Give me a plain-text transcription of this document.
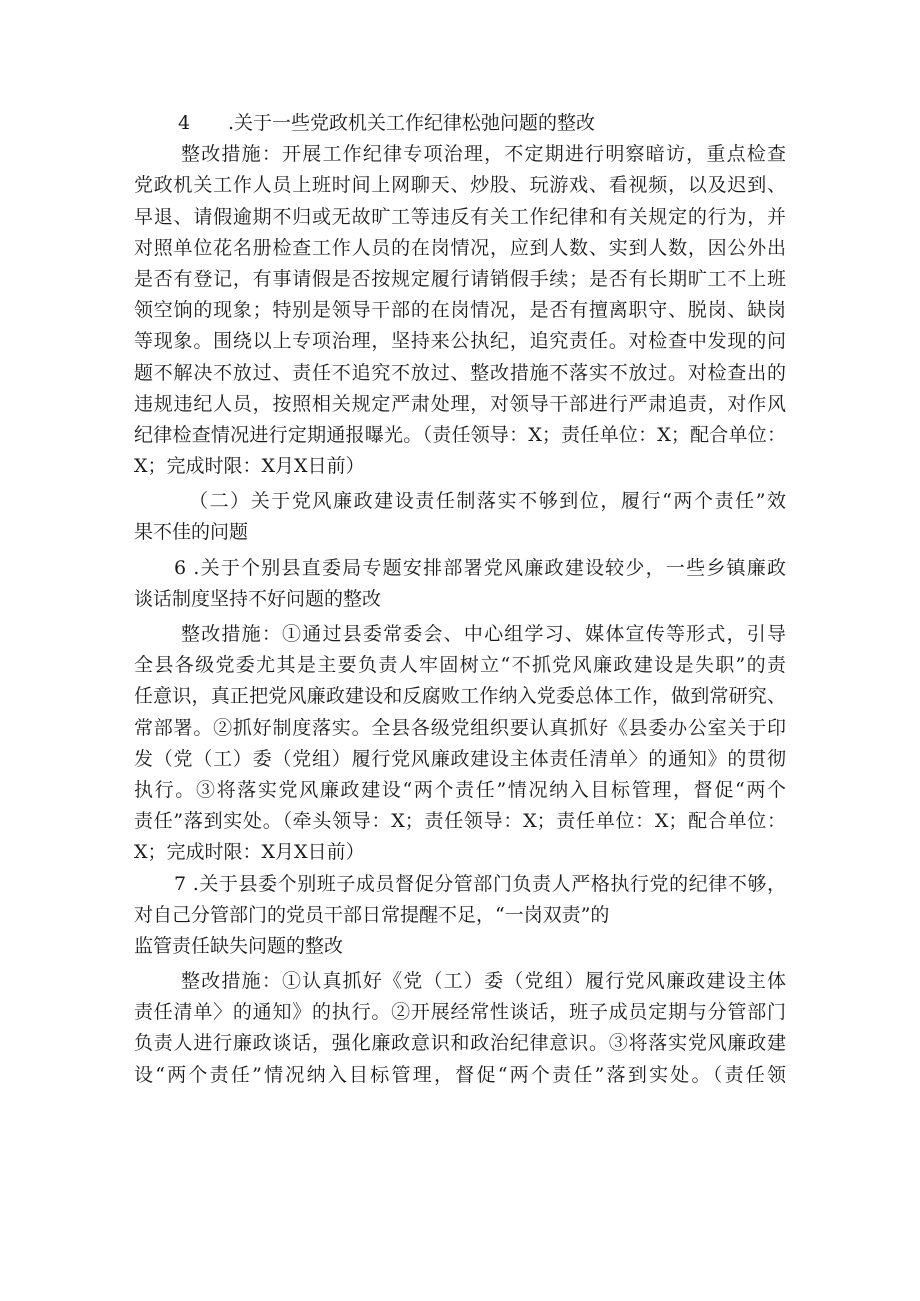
4 .关于一些党政机关工作纪律松弛问题的整改
整改措施：开展工作纪律专项治理，不定期进行明察暗访，重点检查
党政机关工作人员上班时间上网聊天、炒股、玩游戏、看视频，以及迟到、
早退、请假逾期不归或无故旷工等违反有关工作纪律和有关规定的行为，并
对照单位花名册检查工作人员的在岗情况，应到人数、实到人数，因公外出
是否有登记，有事请假是否按规定履行请销假手续；是否有长期旷工不上班
领空饷的现象；特别是领导干部的在岗情况，是否有擅离职守、脱岗、缺岗
等现象。围绕以上专项治理，坚持来公执纪，追究责任。对检查中发现的问
题不解决不放过、责任不追究不放过、整改措施不落实不放过。对检查出的
违规违纪人员，按照相关规定严肃处理，对领导干部进行严肃追责，对作风
纪律检查情况进行定期通报曝光。（责任领导：X；责任单位：X；配合单位：
X；完成时限：X月X日前）
（二）关于党风廉政建设责任制落实不够到位，履行“两个责任”效
果不佳的问题
6 .关于个别县直委局专题安排部署党风廉政建设较少，一些乡镇廉政
谈话制度坚持不好问题的整改
整改措施：①通过县委常委会、中心组学习、媒体宣传等形式，引导
全县各级党委尤其是主要负责人牢固树立“不抓党风廉政建设是失职”的责
任意识，真正把党风廉政建设和反腐败工作纳入党委总体工作，做到常研究、
常部署。②抓好制度落实。全县各级党组织要认真抓好《县委办公室关于印
发（党（工）委（党组）履行党风廉政建设主体责任清单〉的通知》的贯彻
执行。③将落实党风廉政建设“两个责任”情况纳入目标管理，督促“两个
责任”落到实处。（牵头领导：X；责任领导：X；责任单位：X；配合单位：
X；完成时限：X月X日前）
7 .关于县委个别班子成员督促分管部门负责人严格执行党的纪律不够，
对自己分管部门的党员干部日常提醒不足，“一岗双责”的
监管责任缺失问题的整改
整改措施：①认真抓好《党（工）委（党组）履行党风廉政建设主体
责任清单〉的通知》的执行。②开展经常性谈话，班子成员定期与分管部门
负责人进行廉政谈话，强化廉政意识和政治纪律意识。③将落实党风廉政建
设“两个责任”情况纳入目标管理，督促“两个责任”落到实处。（责任领
